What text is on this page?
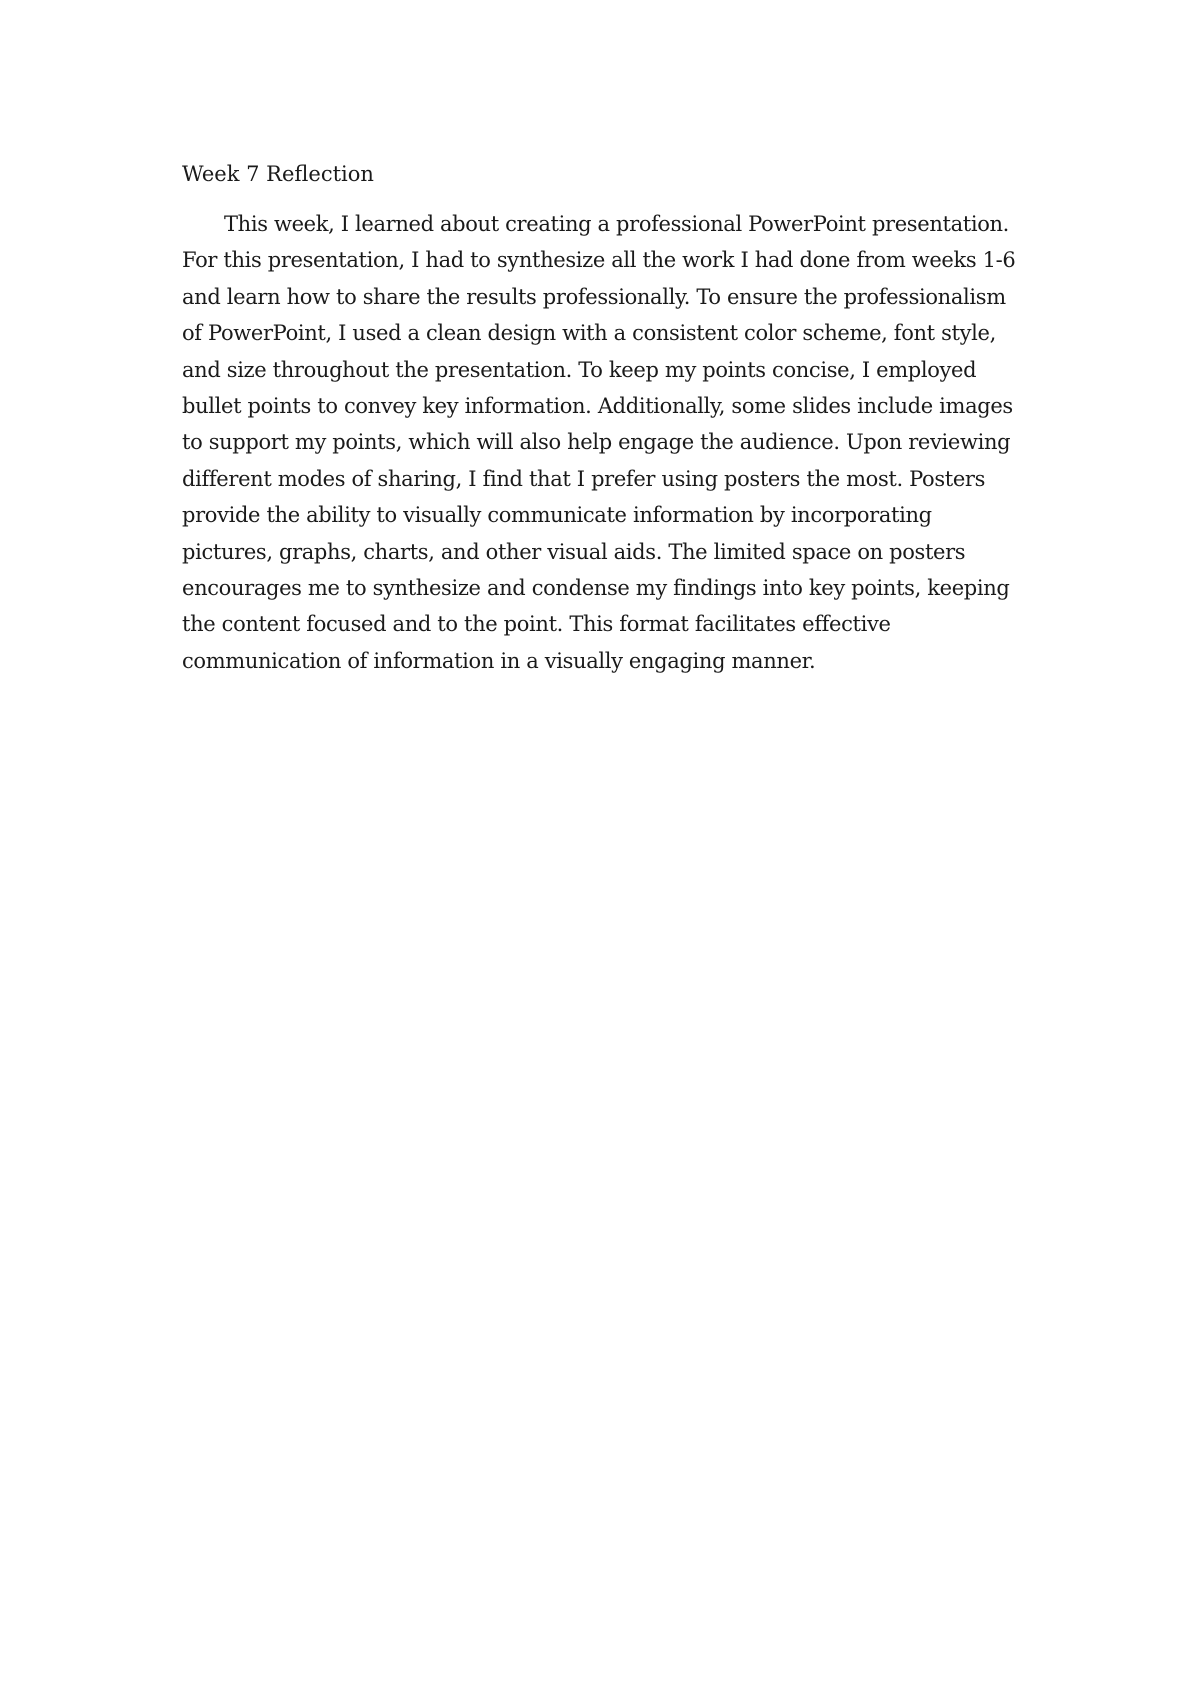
Week 7 Reflection

This week, I learned about creating a professional PowerPoint presentation. For this presentation, I had to synthesize all the work I had done from weeks 1-6 and learn how to share the results professionally. To ensure the professionalism of PowerPoint, I used a clean design with a consistent color scheme, font style, and size throughout the presentation. To keep my points concise, I employed bullet points to convey key information. Additionally, some slides include images to support my points, which will also help engage the audience. Upon reviewing different modes of sharing, I find that I prefer using posters the most. Posters provide the ability to visually communicate information by incorporating pictures, graphs, charts, and other visual aids. The limited space on posters encourages me to synthesize and condense my findings into key points, keeping the content focused and to the point. This format facilitates effective communication of information in a visually engaging manner.
